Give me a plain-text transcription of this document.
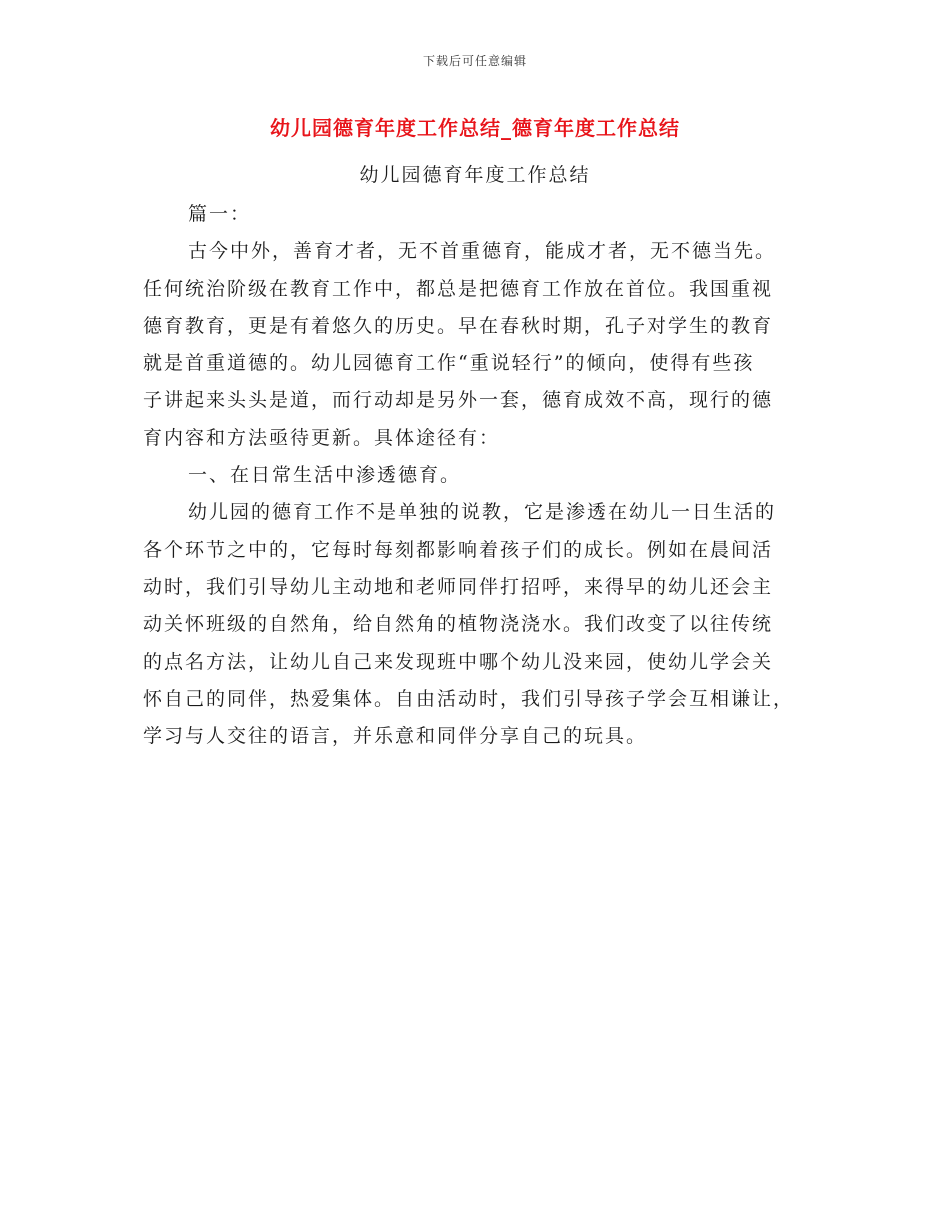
下载后可任意编辑
幼儿园德育年度工作总结_德育年度工作总结
幼儿园德育年度工作总结
篇一：
古今中外，善育才者，无不首重德育，能成才者，无不德当先。
任何统治阶级在教育工作中，都总是把德育工作放在首位。我国重视
德育教育，更是有着悠久的历史。早在春秋时期，孔子对学生的教育
就是首重道德的。幼儿园德育工作“重说轻行”的倾向，使得有些孩
子讲起来头头是道，而行动却是另外一套，德育成效不高，现行的德
育内容和方法亟待更新。具体途径有：
一、在日常生活中渗透德育。
幼儿园的德育工作不是单独的说教，它是渗透在幼儿一日生活的
各个环节之中的，它每时每刻都影响着孩子们的成长。例如在晨间活
动时，我们引导幼儿主动地和老师同伴打招呼，来得早的幼儿还会主
动关怀班级的自然角，给自然角的植物浇浇水。我们改变了以往传统
的点名方法，让幼儿自己来发现班中哪个幼儿没来园，使幼儿学会关
怀自己的同伴，热爱集体。自由活动时，我们引导孩子学会互相谦让，
学习与人交往的语言，并乐意和同伴分享自己的玩具。
